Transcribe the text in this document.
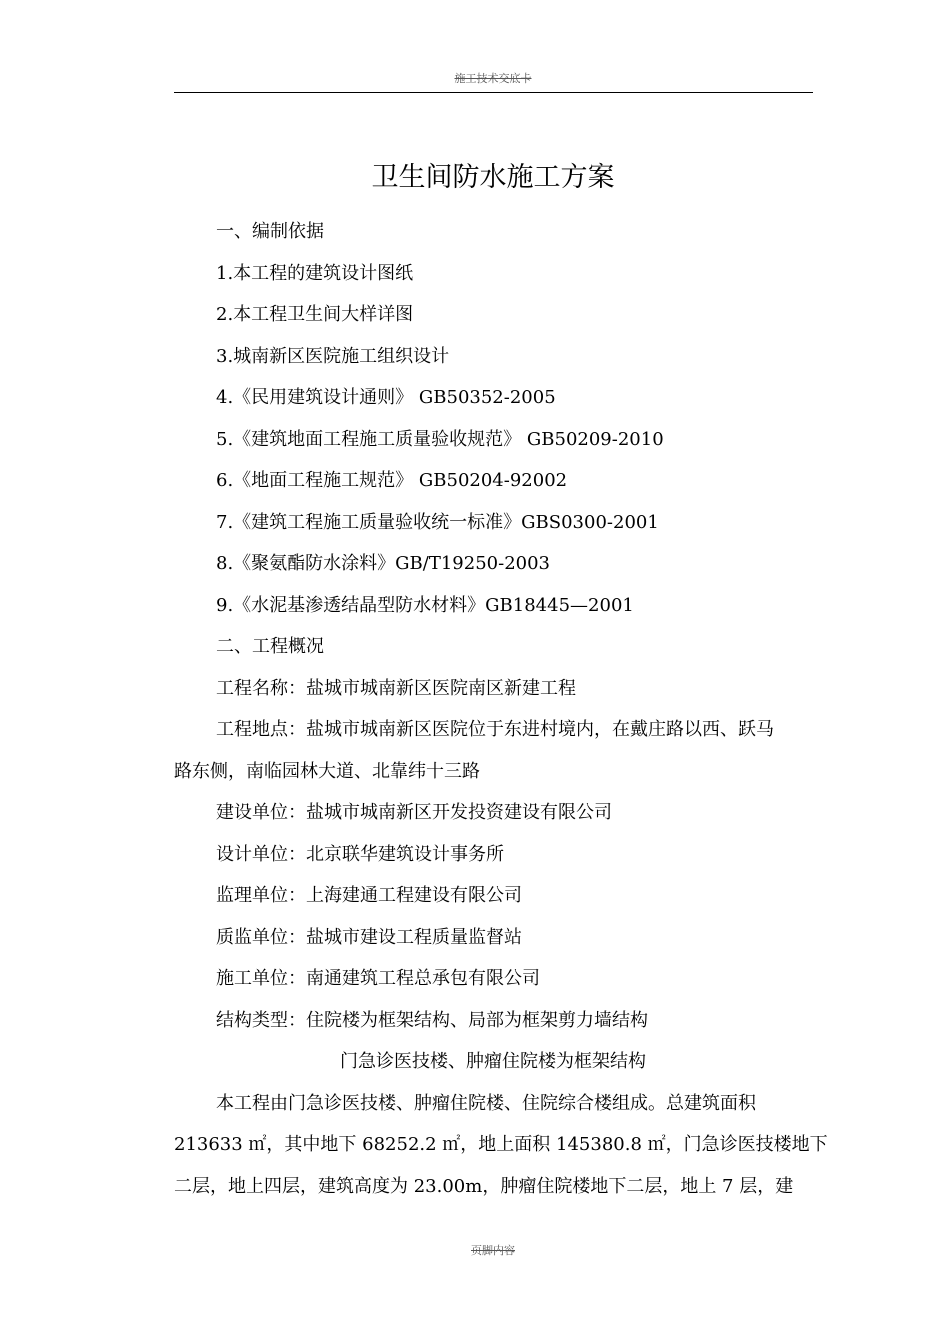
施工技术交底卡
卫生间防水施工方案
一、编制依据
1.本工程的建筑设计图纸
2.本工程卫生间大样详图
3.城南新区医院施工组织设计
4.《民用建筑设计通则》 GB50352-2005
5.《建筑地面工程施工质量验收规范》 GB50209-2010
6.《地面工程施工规范》 GB50204-92002
7.《建筑工程施工质量验收统一标准》GBS0300-2001
8.《聚氨酯防水涂料》GB/T19250-2003
9.《水泥基渗透结晶型防水材料》GB18445—2001
二、工程概况
工程名称：盐城市城南新区医院南区新建工程
工程地点：盐城市城南新区医院位于东进村境内，在戴庄路以西、跃马
路东侧，南临园林大道、北靠纬十三路
建设单位：盐城市城南新区开发投资建设有限公司
设计单位：北京联华建筑设计事务所
监理单位：上海建通工程建设有限公司
质监单位：盐城市建设工程质量监督站
施工单位：南通建筑工程总承包有限公司
结构类型：住院楼为框架结构、局部为框架剪力墙结构
门急诊医技楼、肿瘤住院楼为框架结构
本工程由门急诊医技楼、肿瘤住院楼、住院综合楼组成。总建筑面积
213633 ㎡，其中地下 68252.2 ㎡，地上面积 145380.8 ㎡，门急诊医技楼地下
二层，地上四层，建筑高度为 23.00m，肿瘤住院楼地下二层，地上 7 层，建
页脚内容
